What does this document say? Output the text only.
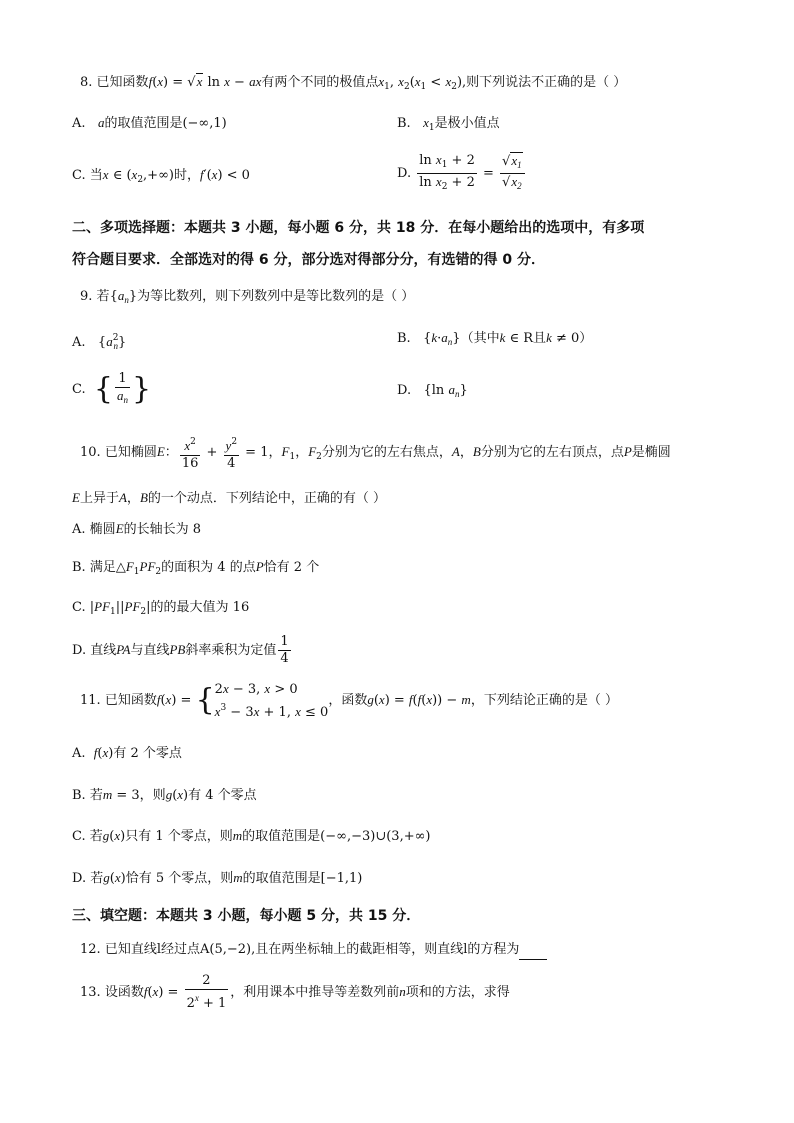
8. 已知函数f(x) = √x ln x − ax有两个不同的极值点$x_1$, $x_2(x_1 < x_2)$,则下列说法不正确的是（ ）
A. a的取值范围是(−∞,1)	B. $x_1$是极小值点
C. 当x ∈ $(x_2,+\infty)$时，f′(x) < 0	D. $\frac{\ln x_1 + 2}{\ln x_2 + 2} = \frac{√x_1}{√x_2}$
二、多项选择题：本题共 3 小题，每小题 6 分，共 18 分．在每小题给出的选项中，有多项
符合题目要求．全部选对的得 6 分，部分选对得部分分，有选错的得 0 分．
9. 若$\{a_n\}$为等比数列，则下列数列中是等比数列的是（ ）
A.   $\{a^2_n\}$	B.   $\{k\cdot a_n\}$（其中k ∈ R且k ≠ 0）
C. { $\frac{1}{a_n}$ }	D.   {ln $a_n$}
10. 已知椭圆E： $\frac{x^2}{16} + \frac{y^2}{4} = 1$，$F_1$，$F_2$分别为它的左右焦点，A，B分别为它的左右顶点，点P是椭圆
E上异于A，B的一个动点．下列结论中，正确的有（ ）
A. 椭圆E的长轴长为 8
B. 满足$\triangle F_1PF_2$的面积为 4 的点P恰有 2 个
C. $|PF_1||PF_2|$的的最大值为 16
D. 直线PA与直线PB斜率乘积为定值 $\frac{1}{4}$
11. 已知函数f(x) = { 2x − 3, x > 0
$x^3 - 3x + 1$, x ≤ 0
，函数g(x) = f(f(x)) − m，下列结论正确的是（ ）
A. f(x)有 2 个零点
B. 若m = 3，则g(x)有 4 个零点
C. 若g(x)只有 1 个零点，则m的取值范围是(−∞,−3)∪(3,+∞)
D. 若g(x)恰有 5 个零点，则m的取值范围是[−1,1)
三、填空题：本题共 3 小题，每小题 5 分，共 15 分．
12. 已知直线l经过点A(5,−2),且在两坐标轴上的截距相等，则直线l的方程为
13. 设函数$f(x) = \frac{2}{2^x + 1}$ ，利用课本中推导等差数列前n项和的方法，求得
